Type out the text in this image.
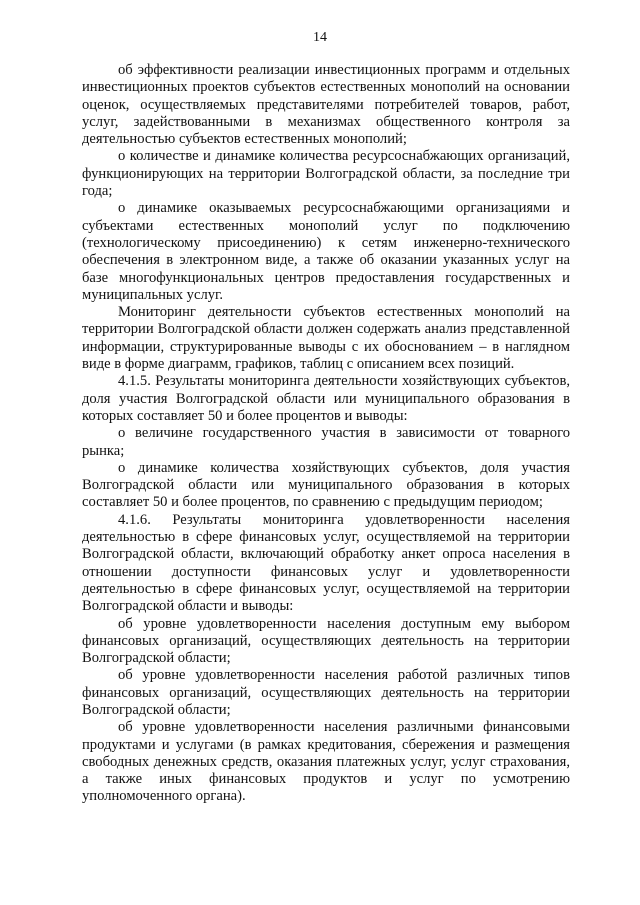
14

об эффективности реализации инвестиционных программ и отдельных инвестиционных проектов субъектов естественных монополий на основании оценок, осуществляемых представителями потребителей товаров, работ, услуг, задействованными в механизмах общественного контроля за деятельностью субъектов естественных монополий;

о количестве и динамике количества ресурсоснабжающих организаций, функционирующих на территории Волгоградской области, за последние три года;

о динамике оказываемых ресурсоснабжающими организациями и субъектами естественных монополий услуг по подключению (технологическому присоединению) к сетям инженерно-технического обеспечения в электронном виде, а также об оказании указанных услуг на базе многофункциональных центров предоставления государственных и муниципальных услуг.

Мониторинг деятельности субъектов естественных монополий на территории Волгоградской области должен содержать анализ представленной информации, структурированные выводы с их обоснованием – в наглядном виде в форме диаграмм, графиков, таблиц с описанием всех позиций.

4.1.5. Результаты мониторинга деятельности хозяйствующих субъектов, доля участия Волгоградской области или муниципального образования в которых составляет 50 и более процентов и выводы:

о величине государственного участия в зависимости от товарного рынка;

о динамике количества хозяйствующих субъектов, доля участия Волгоградской области или муниципального образования в которых составляет 50 и более процентов, по сравнению с предыдущим периодом;

4.1.6. Результаты мониторинга удовлетворенности населения деятельностью в сфере финансовых услуг, осуществляемой на территории Волгоградской области, включающий обработку анкет опроса населения в отношении доступности финансовых услуг и удовлетворенности деятельностью в сфере финансовых услуг, осуществляемой на территории Волгоградской области и выводы:

об уровне удовлетворенности населения доступным ему выбором финансовых организаций, осуществляющих деятельность на территории Волгоградской области;

об уровне удовлетворенности населения работой различных типов финансовых организаций, осуществляющих деятельность на территории Волгоградской области;

об уровне удовлетворенности населения различными финансовыми продуктами и услугами (в рамках кредитования, сбережения и размещения свободных денежных средств, оказания платежных услуг, услуг страхования, а также иных финансовых продуктов и услуг по усмотрению уполномоченного органа).
